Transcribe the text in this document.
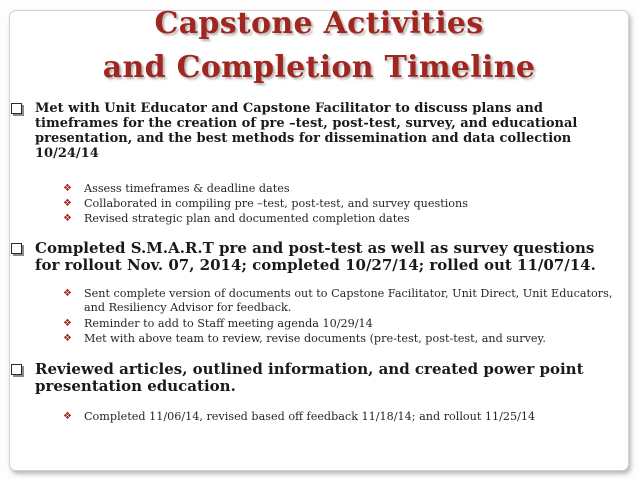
Capstone Activities
and Completion Timeline
Met with Unit Educator and Capstone Facilitator to discuss plans and timeframes for the creation of pre –test, post-test, survey, and educational presentation, and the best methods for dissemination and data collection 10/24/14
❖ Assess timeframes & deadline dates
❖ Collaborated in compiling pre –test, post-test, and survey questions
❖ Revised strategic plan and documented completion dates
Completed S.M.A.R.T pre and post-test as well as survey questions for rollout Nov. 07, 2014; completed 10/27/14; rolled out 11/07/14.
❖ Sent complete version of documents out to Capstone Facilitator, Unit Direct, Unit Educators, and Resiliency Advisor for feedback.
❖ Reminder to add to Staff meeting agenda 10/29/14
❖ Met with above team to review, revise documents (pre-test, post-test, and survey.
Reviewed articles, outlined information, and created power point presentation education.
❖ Completed 11/06/14, revised based off feedback 11/18/14; and rollout 11/25/14
